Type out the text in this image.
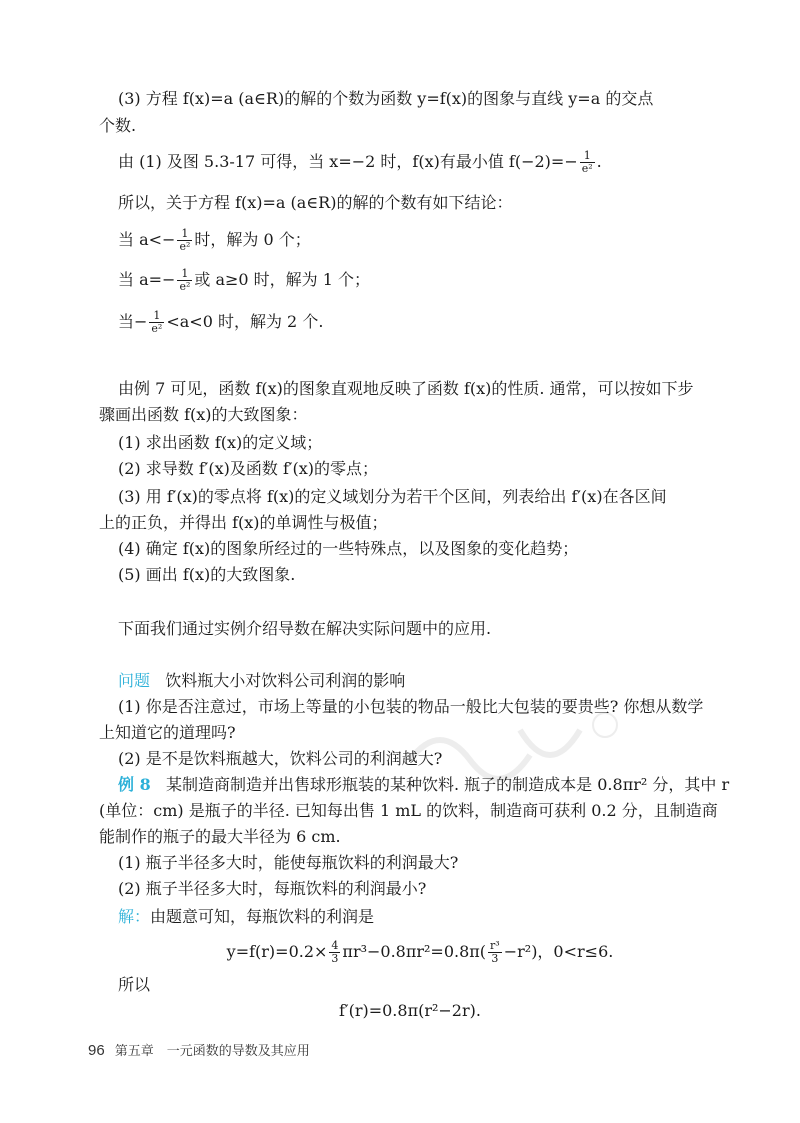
(3) 方程 f(x)=a (a∈R)的解的个数为函数 y=f(x)的图象与直线 y=a 的交点
个数.
由 (1) 及图 5.3-17 可得，当 x=−2 时，f(x)有最小值 $f(-2)=- \frac{1}{\text{e²}}$ .
所以，关于方程 f(x)=a (a∈R)的解的个数有如下结论：
当 $a<- \frac{1}{\text{e²}}$ 时，解为 0 个；
当 $a=- \frac{1}{\text{e²}}$ 或 a≥0 时，解为 1 个；
当− $\frac{1}{\text{e²}} <a<0$ 时，解为 2 个.
由例 7 可见，函数 f(x)的图象直观地反映了函数 f(x)的性质. 通常，可以按如下步
骤画出函数 f(x)的大致图象：
(1) 求出函数 f(x)的定义域；
(2) 求导数 f′(x)及函数 f′(x)的零点；
(3) 用 f′(x)的零点将 f(x)的定义域划分为若干个区间，列表给出 f′(x)在各区间
上的正负，并得出 f(x)的单调性与极值；
(4) 确定 f(x)的图象所经过的一些特殊点，以及图象的变化趋势；
(5) 画出 f(x)的大致图象.
下面我们通过实例介绍导数在解决实际问题中的应用.
问题 饮料瓶大小对饮料公司利润的影响
(1) 你是否注意过，市场上等量的小包装的物品一般比大包装的要贵些? 你想从数学
上知道它的道理吗?
(2) 是不是饮料瓶越大，饮料公司的利润越大?
例 8 某制造商制造并出售球形瓶装的某种饮料. 瓶子的制造成本是 0.8πr² 分，其中 r
(单位：cm) 是瓶子的半径. 已知每出售 1 mL 的饮料，制造商可获利 0.2 分，且制造商
能制作的瓶子的最大半径为 6 cm.
(1) 瓶子半径多大时，能使每瓶饮料的利润最大?
(2) 瓶子半径多大时，每瓶饮料的利润最小?
解：由题意可知，每瓶饮料的利润是
$y=f(r)=0.2\times \frac{4}{3} \pi r^3-0.8\pi r^2=0.8\pi( \frac{\text{r³}}{3} -r^2)$，0<r≤6.
所以
f′(r)=0.8π(r²−2r).
96 第五章　一元函数的导数及其应用
